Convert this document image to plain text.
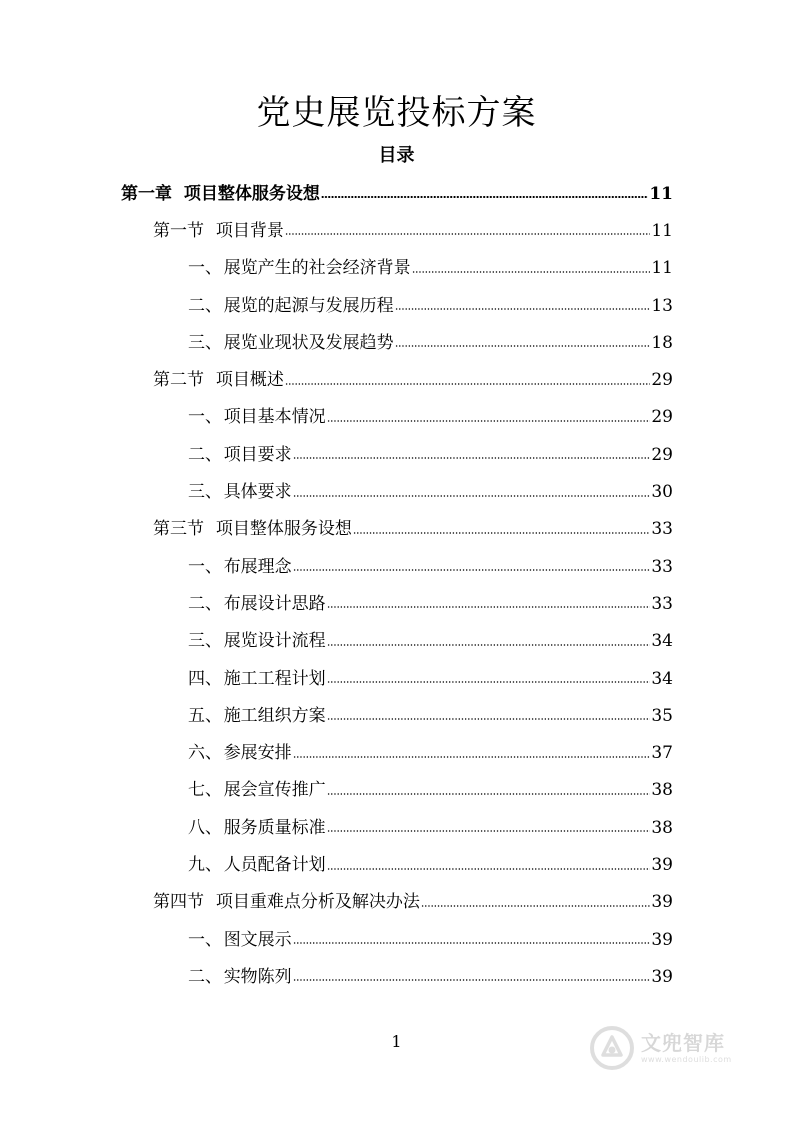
党史展览投标方案
目录
第一章 项目整体服务设想	11
第一节 项目背景	11
一、展览产生的社会经济背景	11
二、展览的起源与发展历程	13
三、展览业现状及发展趋势	18
第二节 项目概述	29
一、项目基本情况	29
二、项目要求	29
三、具体要求	30
第三节 项目整体服务设想	33
一、布展理念	33
二、布展设计思路	33
三、展览设计流程	34
四、施工工程计划	34
五、施工组织方案	35
六、参展安排	37
七、展会宣传推广	38
八、服务质量标准	38
九、人员配备计划	39
第四节 项目重难点分析及解决办法	39
一、图文展示	39
二、实物陈列	39
1	文兜智库
www.wendoulib.com
